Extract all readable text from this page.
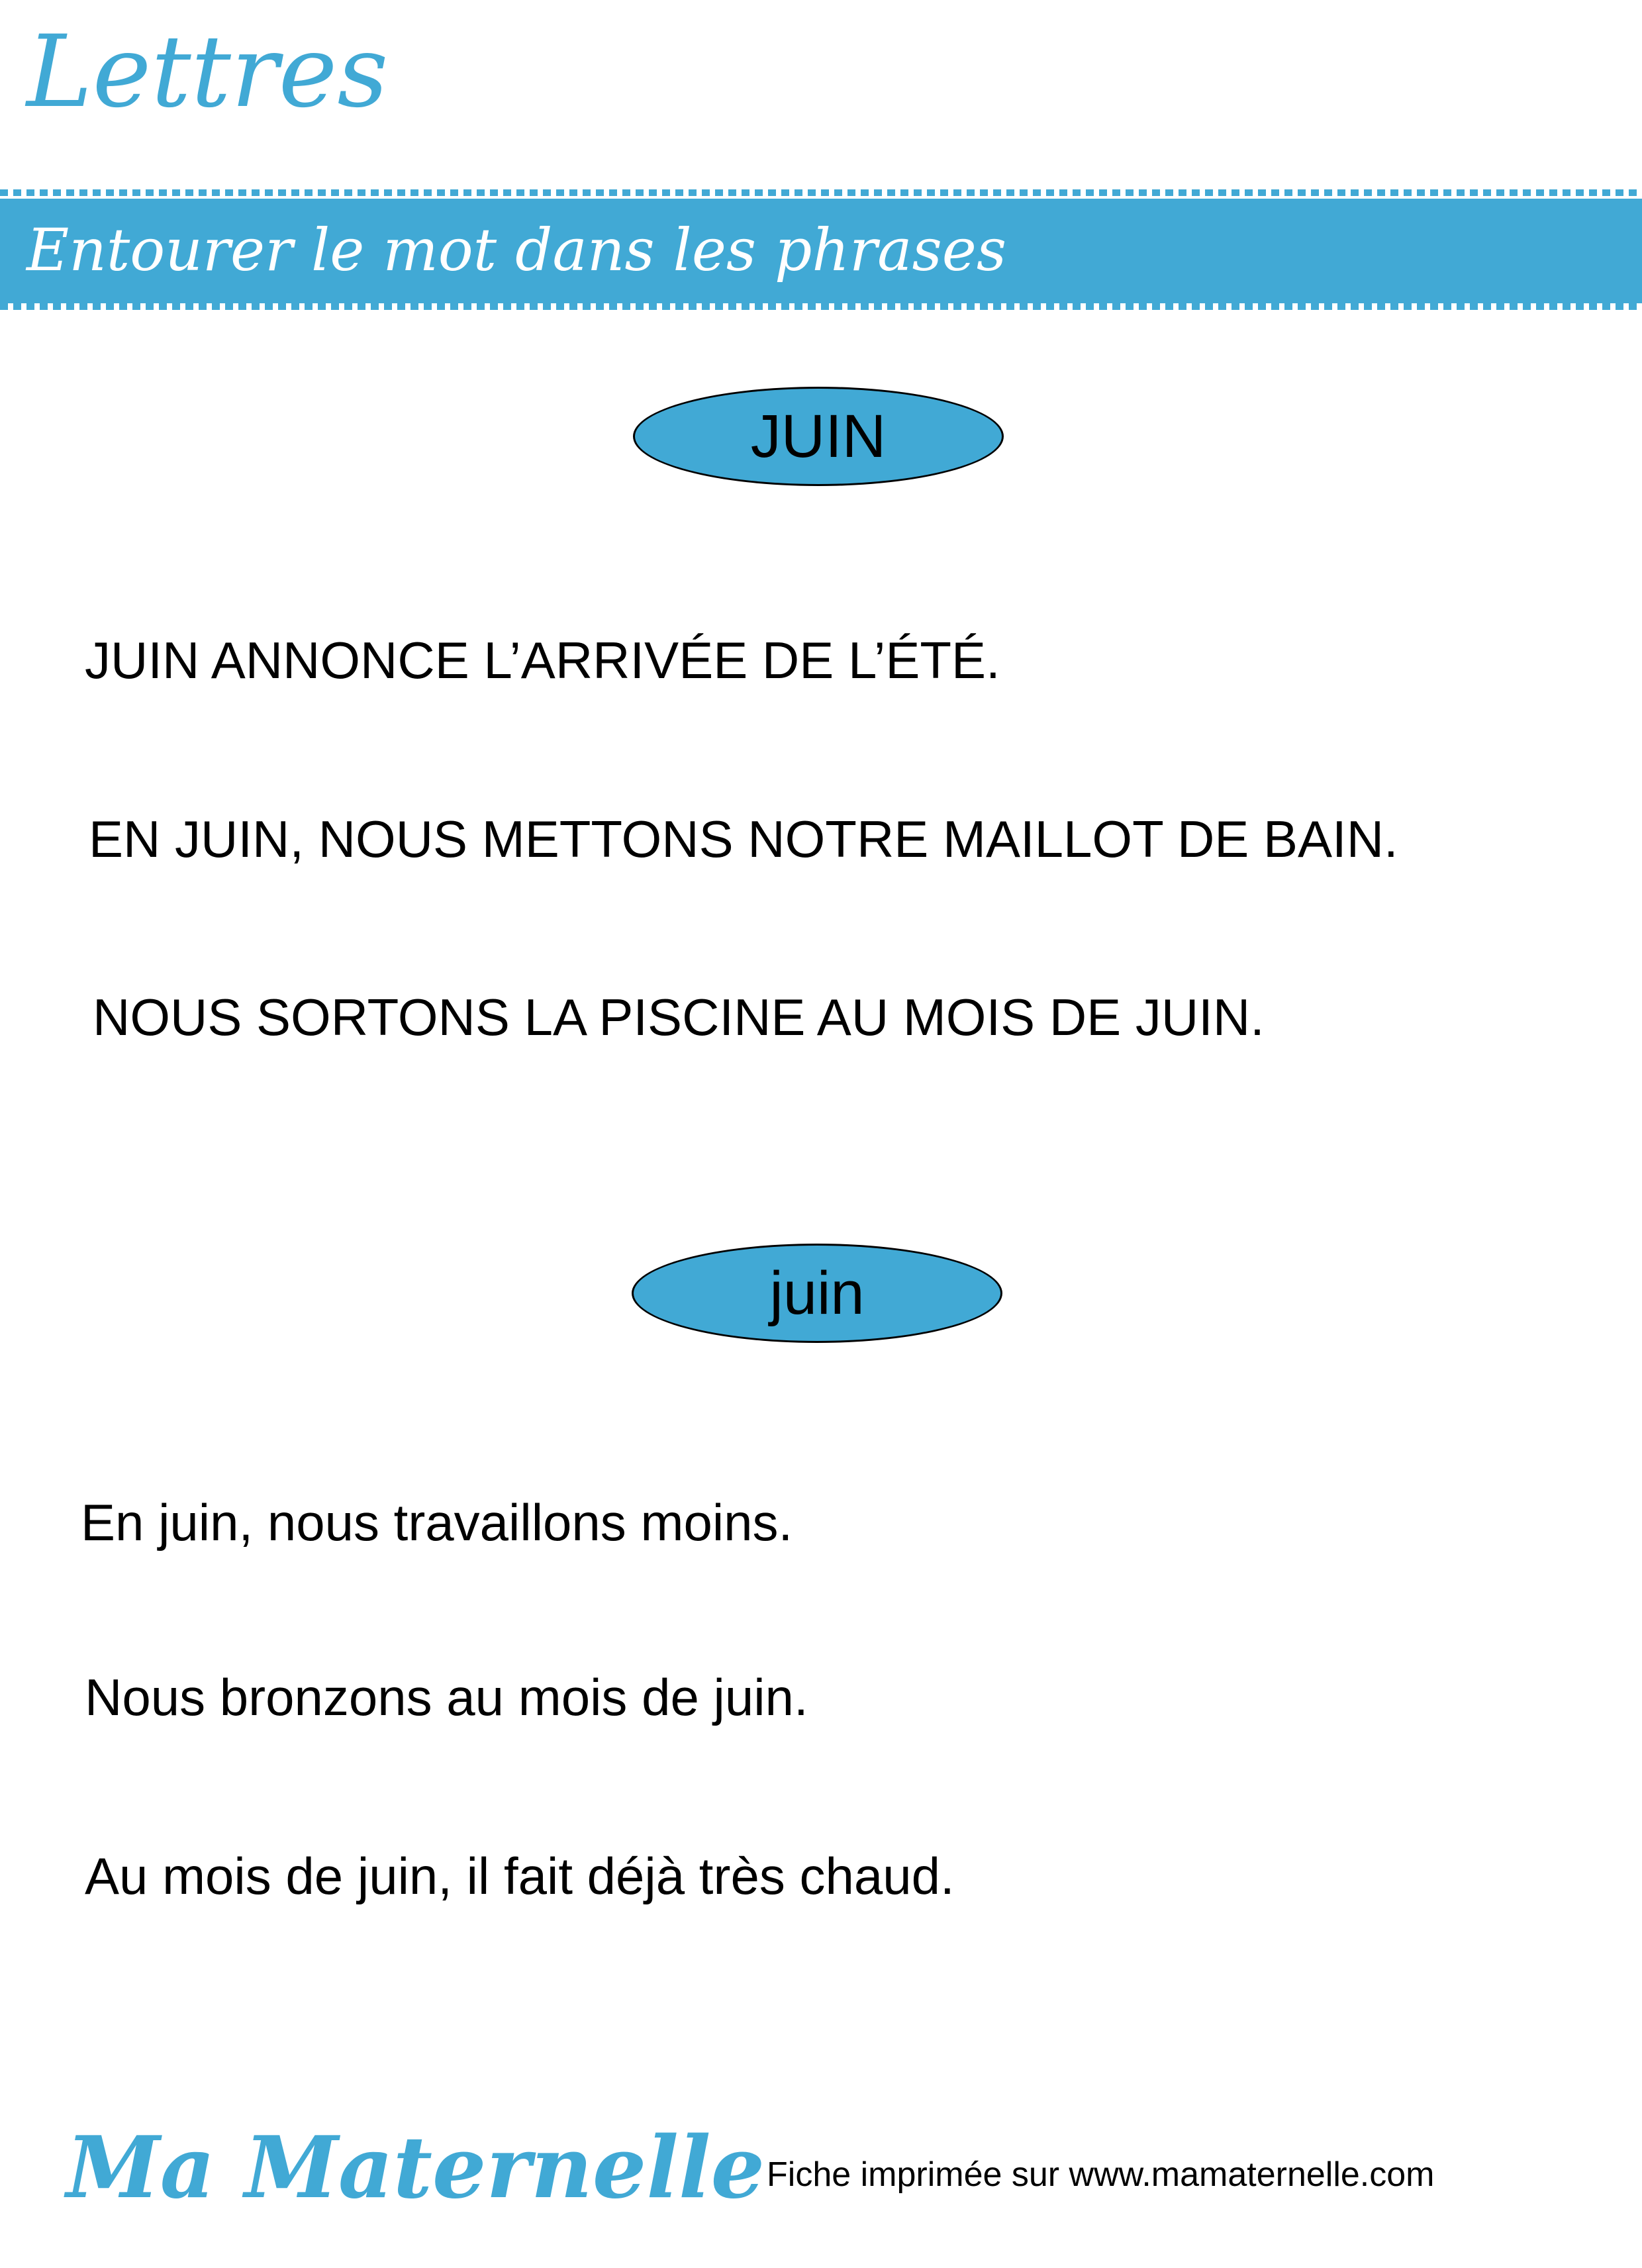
Lettres
Entourer le mot dans les phrases
JUIN
JUIN ANNONCE L’ARRIVÉE DE L’ÉTÉ.
EN JUIN, NOUS METTONS NOTRE MAILLOT DE BAIN.
NOUS SORTONS LA PISCINE AU MOIS DE JUIN.
juin
En juin, nous travaillons moins.
Nous bronzons au mois de juin.
Au mois de juin, il fait déjà très chaud.
Ma Maternelle Fiche imprimée sur www.mamaternelle.com
